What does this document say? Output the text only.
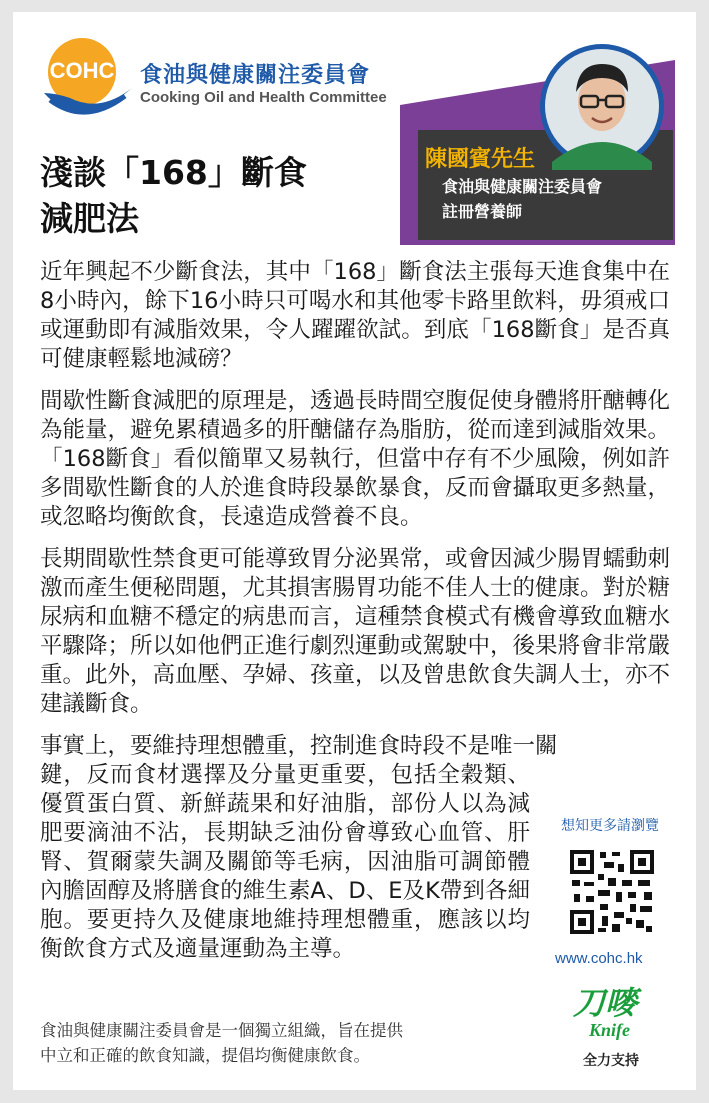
COHC 食油與健康關注委員會
Cooking Oil and Health Committee
淺談「168」斷食
減肥法
陳國賓先生
食油與健康關注委員會
註冊營養師

近年興起不少斷食法，其中「168」斷食法主張每天進食集中在8小時內，餘下16小時只可喝水和其他零卡路里飲料，毋須戒口或運動即有減脂效果，令人躍躍欲試。到底「168斷食」是否真可健康輕鬆地減磅？

間歇性斷食減肥的原理是，透過長時間空腹促使身體將肝醣轉化為能量，避免累積過多的肝醣儲存為脂肪，從而達到減脂效果。「168斷食」看似簡單又易執行，但當中存有不少風險，例如許多間歇性斷食的人於進食時段暴飲暴食，反而會攝取更多熱量，或忽略均衡飲食，長遠造成營養不良。

長期間歇性禁食更可能導致胃分泌異常，或會因減少腸胃蠕動刺激而產生便秘問題，尤其損害腸胃功能不佳人士的健康。對於糖尿病和血糖不穩定的病患而言，這種禁食模式有機會導致血糖水平驟降；所以如他們正進行劇烈運動或駕駛中，後果將會非常嚴重。此外，高血壓、孕婦、孩童，以及曾患飲食失調人士，亦不建議斷食。

事實上，要維持理想體重，控制進食時段不是唯一關
鍵，反而食材選擇及分量更重要，包括全穀類、優質蛋白質、新鮮蔬果和好油脂，部份人以為減肥要滴油不沾，長期缺乏油份會導致心血管、肝腎、賀爾蒙失調及關節等毛病，因油脂可調節體內膽固醇及將膳食的維生素A、D、E及K帶到各細胞。要更持久及健康地維持理想體重，應該以均衡飲食方式及適量運動為主導。
想知更多請瀏覽
www.cohc.hk
刀嘜
Knife
全力支持
食油與健康關注委員會是一個獨立組織，旨在提供
中立和正確的飲食知識，提倡均衡健康飲食。
